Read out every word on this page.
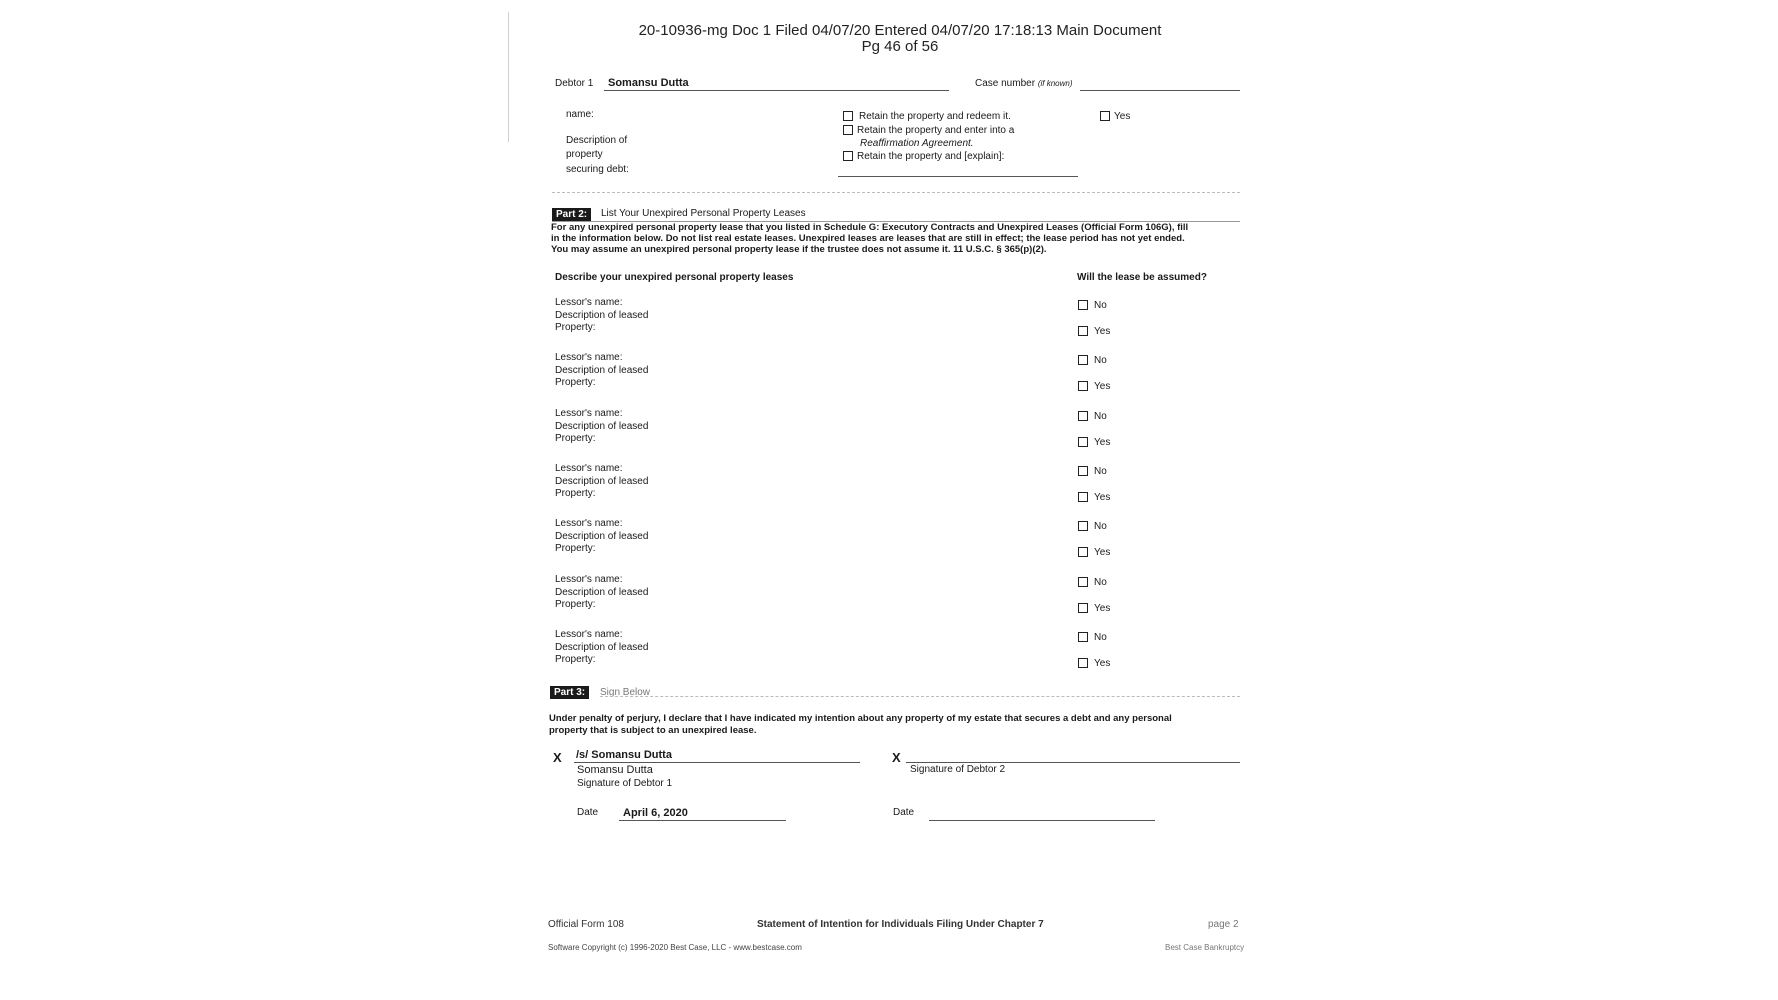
20-10936-mg Doc 1 Filed 04/07/20 Entered 04/07/20 17:18:13 Main Document
Pg 46 of 56
Debtor 1 Somansu Dutta	Case number (if known)
name:
Description of
property
securing debt:
Retain the property and redeem it.
Retain the property and enter into a
Reaffirmation Agreement.
Retain the property and [explain]:
Yes
Part 2:	List Your Unexpired Personal Property Leases
For any unexpired personal property lease that you listed in Schedule G: Executory Contracts and Unexpired Leases (Official Form 106G), fill
in the information below. Do not list real estate leases. Unexpired leases are leases that are still in effect; the lease period has not yet ended.
You may assume an unexpired personal property lease if the trustee does not assume it. 11 U.S.C. § 365(p)(2).
Describe your unexpired personal property leases	Will the lease be assumed?
Lessor's name:
Description of leased
Property:
No
Yes
Lessor's name:
Description of leased
Property:
No
Yes
Lessor's name:
Description of leased
Property:
No
Yes
Lessor's name:
Description of leased
Property:
No
Yes
Lessor's name:
Description of leased
Property:
No
Yes
Lessor's name:
Description of leased
Property:
No
Yes
Lessor's name:
Description of leased
Property:
No
Yes
Part 3:	Sign Below
Under penalty of perjury, I declare that I have indicated my intention about any property of my estate that secures a debt and any personal
property that is subject to an unexpired lease.
X /s/ Somansu Dutta
Somansu Dutta
Signature of Debtor 1
X
Signature of Debtor 2
Date April 6, 2020	Date
Official Form 108	Statement of Intention for Individuals Filing Under Chapter 7	page 2
Software Copyright (c) 1996-2020 Best Case, LLC - www.bestcase.com	Best Case Bankruptcy
